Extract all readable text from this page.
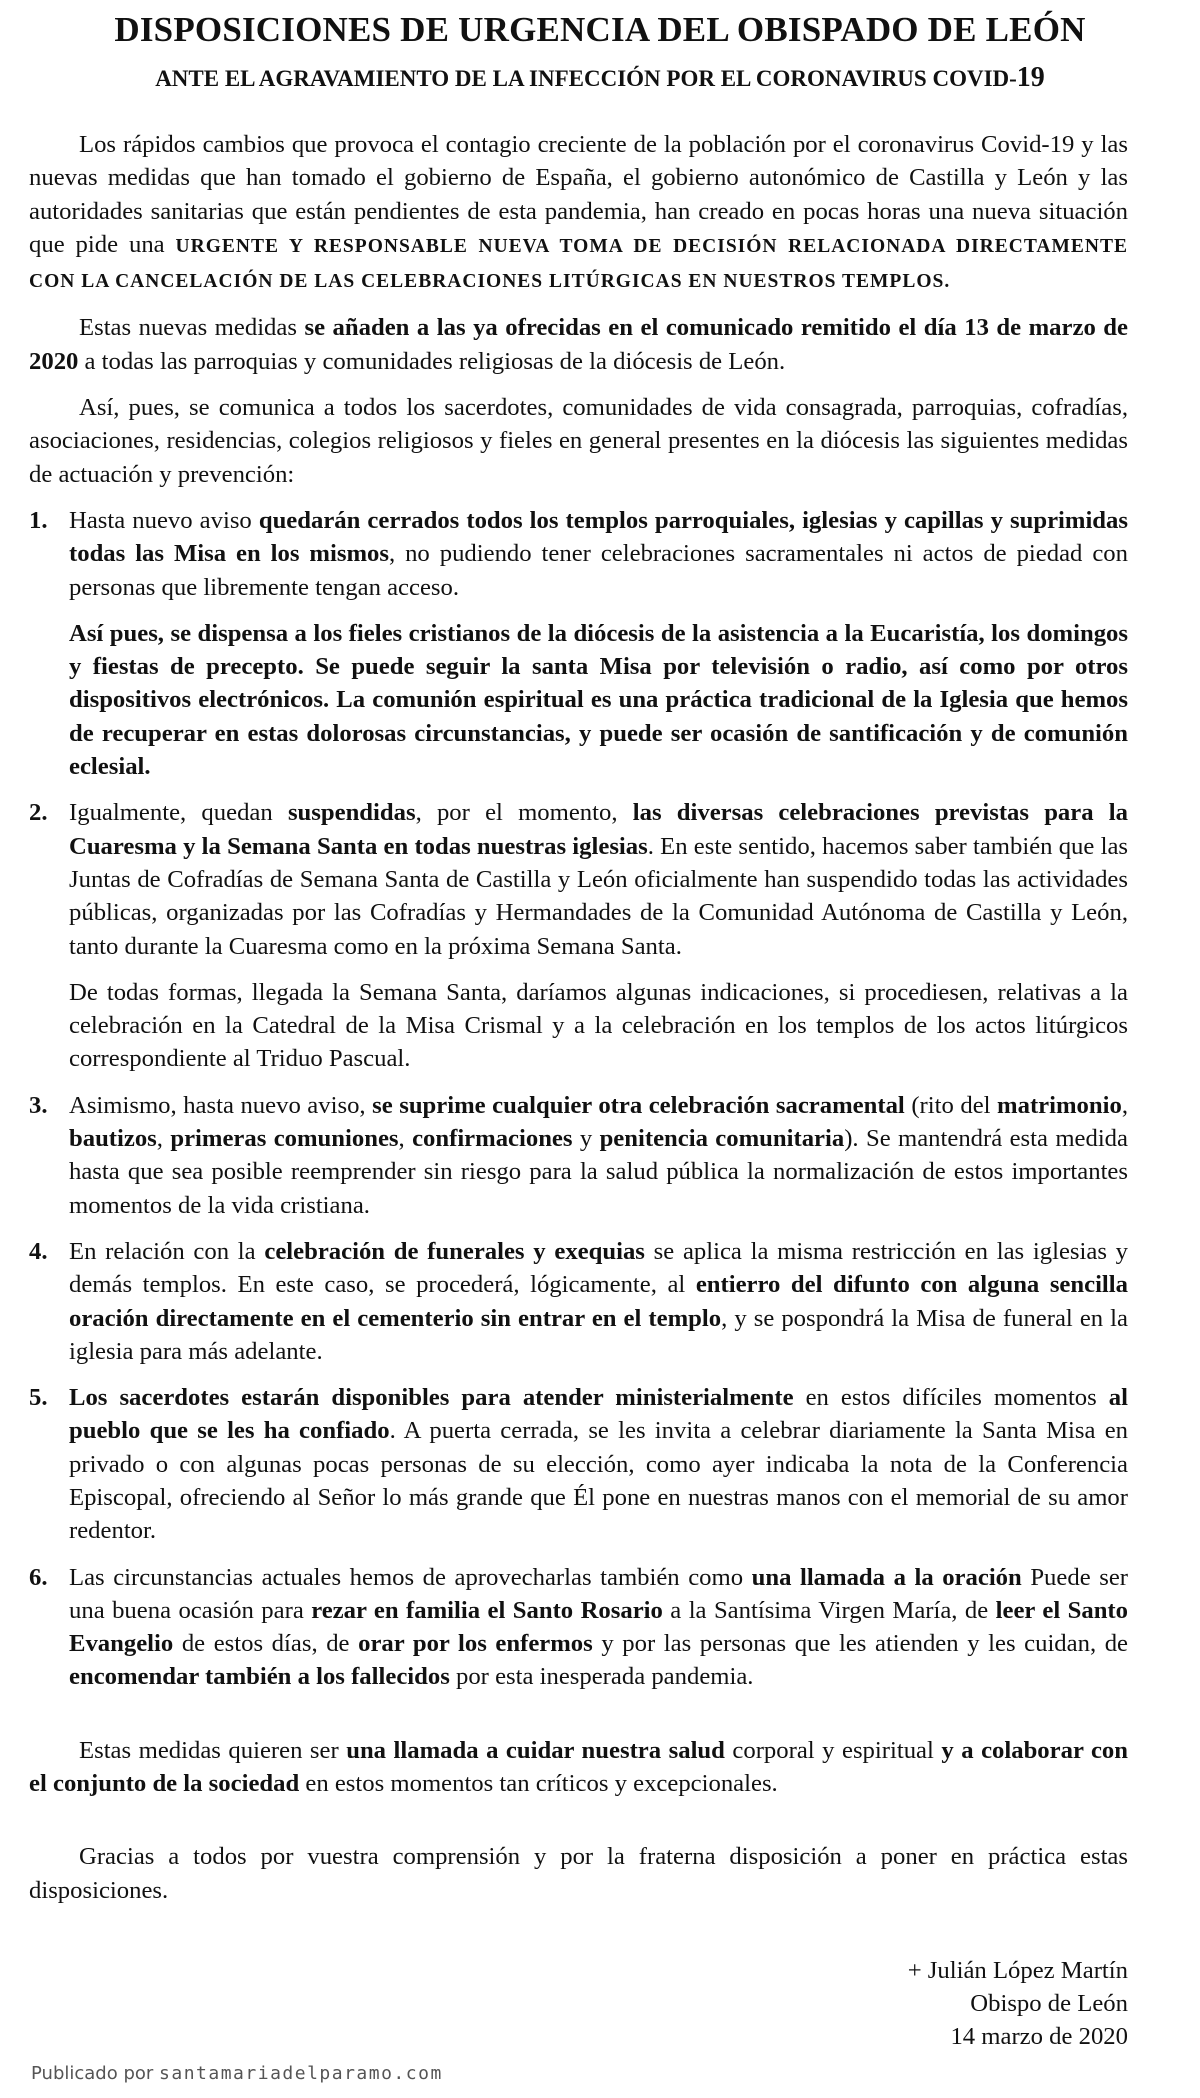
DISPOSICIONES DE URGENCIA DEL OBISPADO DE LEÓN
ANTE EL AGRAVAMIENTO DE LA INFECCIÓN POR EL CORONAVIRUS COVID-19

Los rápidos cambios que provoca el contagio creciente de la población por el coronavirus Covid-19 y las nuevas medidas que han tomado el gobierno de España, el gobierno autonómico de Castilla y León y las autoridades sanitarias que están pendientes de esta pandemia, han creado en pocas horas una nueva situación que pide una URGENTE Y RESPONSABLE NUEVA TOMA DE DECISIÓN RELACIONADA DIRECTAMENTE CON LA CANCELACIÓN DE LAS CELEBRACIONES LITÚRGICAS EN NUESTROS TEMPLOS.

Estas nuevas medidas se añaden a las ya ofrecidas en el comunicado remitido el día 13 de marzo de 2020 a todas las parroquias y comunidades religiosas de la diócesis de León.

Así, pues, se comunica a todos los sacerdotes, comunidades de vida consagrada, parroquias, cofradías, asociaciones, residencias, colegios religiosos y fieles en general presentes en la diócesis las siguientes medidas de actuación y prevención:

1. Hasta nuevo aviso quedarán cerrados todos los templos parroquiales, iglesias y capillas y suprimidas todas las Misa en los mismos, no pudiendo tener celebraciones sacramentales ni actos de piedad con personas que libremente tengan acceso.

Así pues, se dispensa a los fieles cristianos de la diócesis de la asistencia a la Eucaristía, los domingos y fiestas de precepto. Se puede seguir la santa Misa por televisión o radio, así como por otros dispositivos electrónicos. La comunión espiritual es una práctica tradicional de la Iglesia que hemos de recuperar en estas dolorosas circunstancias, y puede ser ocasión de santificación y de comunión eclesial.

2. Igualmente, quedan suspendidas, por el momento, las diversas celebraciones previstas para la Cuaresma y la Semana Santa en todas nuestras iglesias. En este sentido, hacemos saber también que las Juntas de Cofradías de Semana Santa de Castilla y León oficialmente han suspendido todas las actividades públicas, organizadas por las Cofradías y Hermandades de la Comunidad Autónoma de Castilla y León, tanto durante la Cuaresma como en la próxima Semana Santa.

De todas formas, llegada la Semana Santa, daríamos algunas indicaciones, si procediesen, relativas a la celebración en la Catedral de la Misa Crismal y a la celebración en los templos de los actos litúrgicos correspondiente al Triduo Pascual.

3. Asimismo, hasta nuevo aviso, se suprime cualquier otra celebración sacramental (rito del matrimonio, bautizos, primeras comuniones, confirmaciones y penitencia comunitaria). Se mantendrá esta medida hasta que sea posible reemprender sin riesgo para la salud pública la normalización de estos importantes momentos de la vida cristiana.

4. En relación con la celebración de funerales y exequias se aplica la misma restricción en las iglesias y demás templos. En este caso, se procederá, lógicamente, al entierro del difunto con alguna sencilla oración directamente en el cementerio sin entrar en el templo, y se pospondrá la Misa de funeral en la iglesia para más adelante.

5. Los sacerdotes estarán disponibles para atender ministerialmente en estos difíciles momentos al pueblo que se les ha confiado. A puerta cerrada, se les invita a celebrar diariamente la Santa Misa en privado o con algunas pocas personas de su elección, como ayer indicaba la nota de la Conferencia Episcopal, ofreciendo al Señor lo más grande que Él pone en nuestras manos con el memorial de su amor redentor.

6. Las circunstancias actuales hemos de aprovecharlas también como una llamada a la oración Puede ser una buena ocasión para rezar en familia el Santo Rosario a la Santísima Virgen María, de leer el Santo Evangelio de estos días, de orar por los enfermos y por las personas que les atienden y les cuidan, de encomendar también a los fallecidos por esta inesperada pandemia.

Estas medidas quieren ser una llamada a cuidar nuestra salud corporal y espiritual y a colaborar con el conjunto de la sociedad en estos momentos tan críticos y excepcionales.

Gracias a todos por vuestra comprensión y por la fraterna disposición a poner en práctica estas disposiciones.

+ Julián López Martín
Obispo de León
14 marzo de 2020
Publicado por santamariadelparamo.com
